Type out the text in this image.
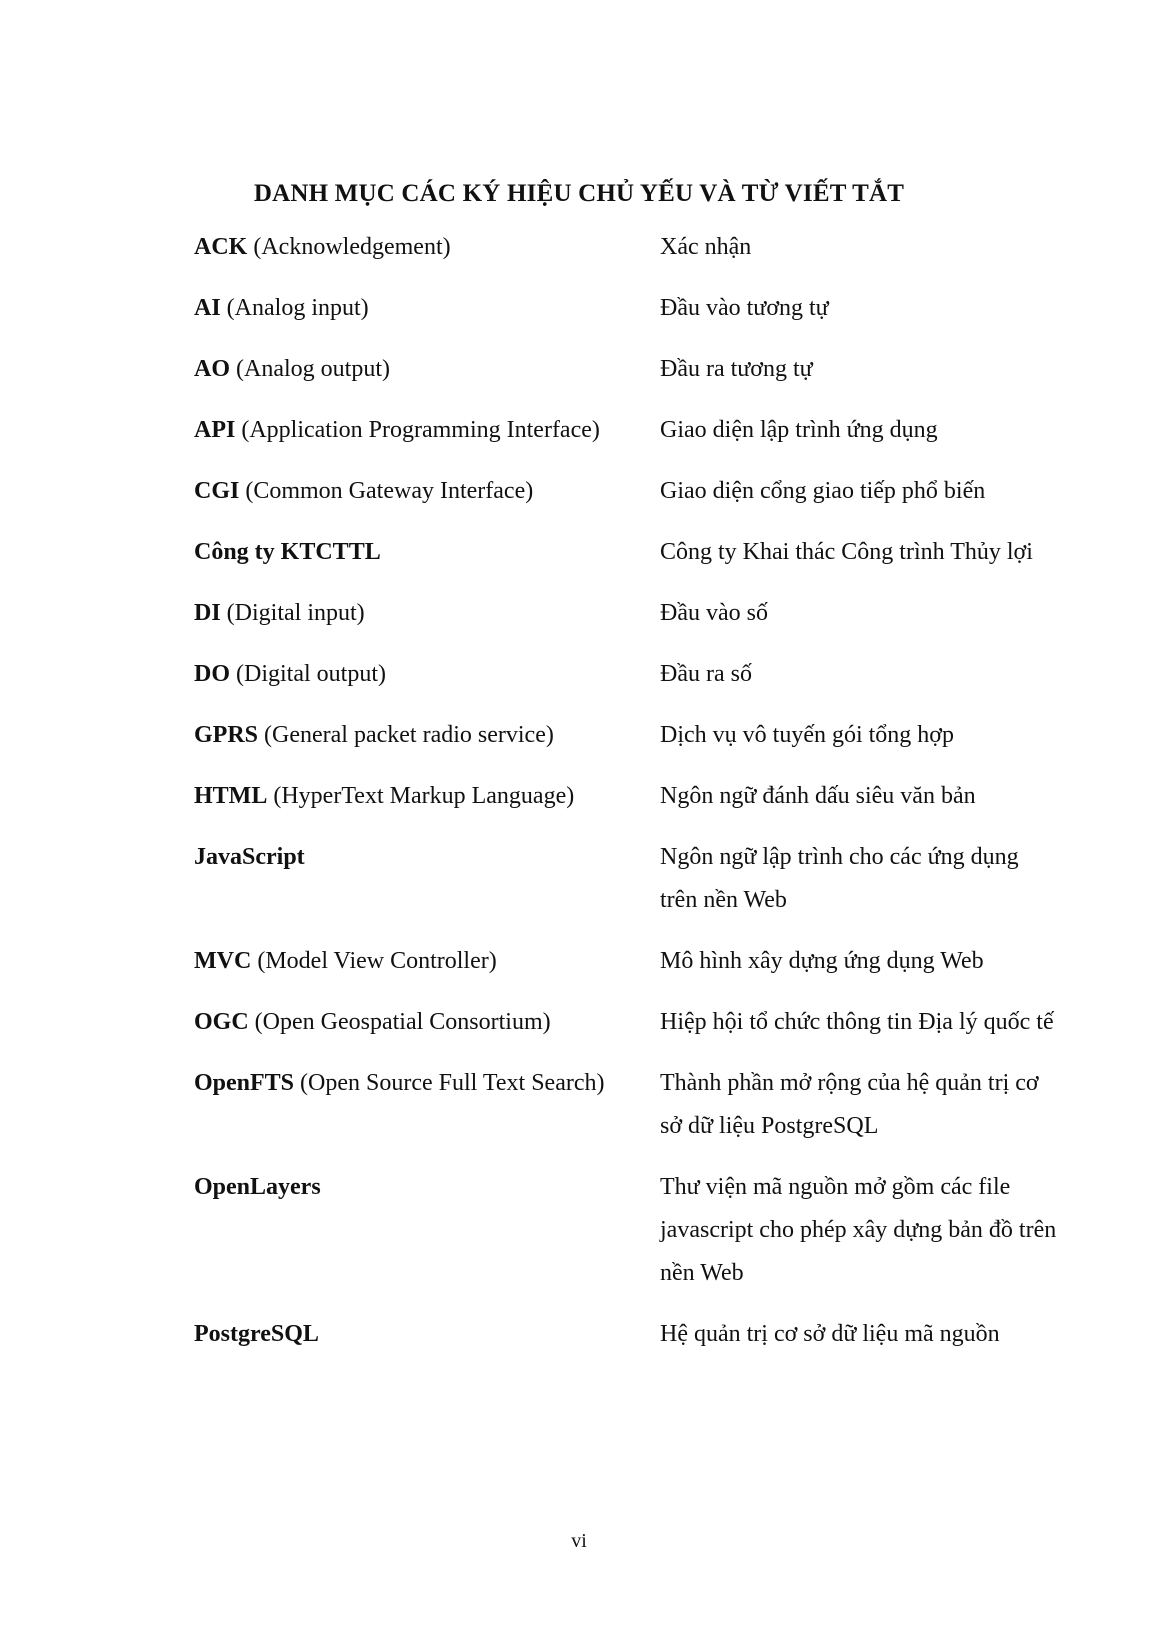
DANH MỤC CÁC KÝ HIỆU CHỦ YẾU VÀ TỪ VIẾT TẮT
ACK (Acknowledgement)	Xác nhận
AI (Analog input)	Đầu vào tương tự
AO (Analog output)	Đầu ra tương tự
API (Application Programming Interface)	Giao diện lập trình ứng dụng
CGI (Common Gateway Interface)	Giao diện cổng giao tiếp phổ biến
Công ty KTCTTL	Công ty Khai thác Công trình Thủy lợi
DI (Digital input)	Đầu vào số
DO (Digital output)	Đầu ra số
GPRS (General packet radio service)	Dịch vụ vô tuyến gói tổng hợp
HTML (HyperText Markup Language)	Ngôn ngữ đánh dấu siêu văn bản
JavaScript	Ngôn ngữ lập trình cho các ứng dụng trên nền Web
MVC (Model View Controller)	Mô hình xây dựng ứng dụng Web
OGC (Open Geospatial Consortium)	Hiệp hội tổ chức thông tin Địa lý quốc tế
OpenFTS (Open Source Full Text Search)	Thành phần mở rộng của hệ quản trị cơ sở dữ liệu PostgreSQL
OpenLayers	Thư viện mã nguồn mở gồm các file javascript cho phép xây dựng bản đồ trên nền Web
PostgreSQL	Hệ quản trị cơ sở dữ liệu mã nguồn
vi
